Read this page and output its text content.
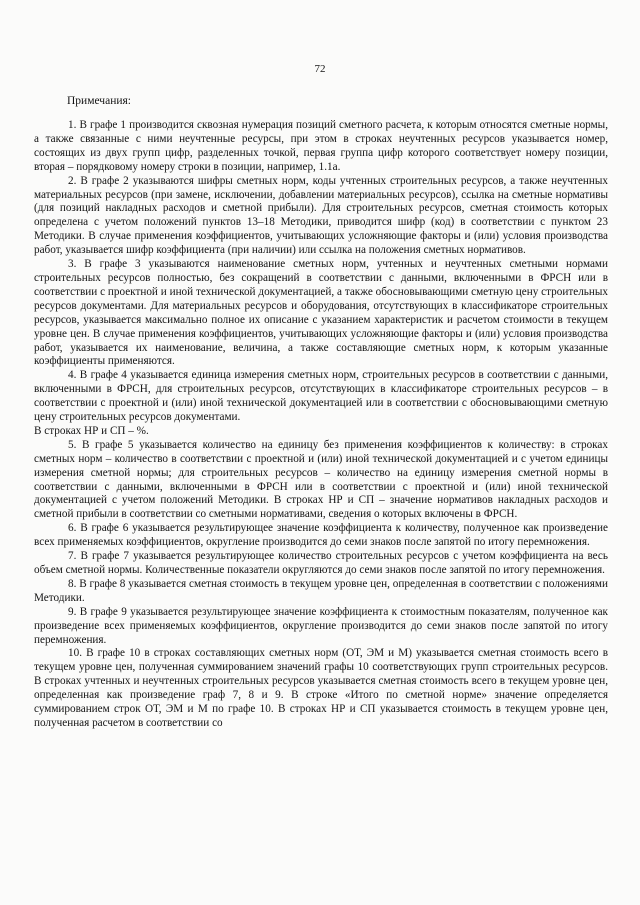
72
Примечания:

1. В графе 1 производится сквозная нумерация позиций сметного расчета, к которым относятся сметные нормы, а также связанные с ними неучтенные ресурсы, при этом в строках неучтенных ресурсов указывается номер, состоящих из двух групп цифр, разделенных точкой, первая группа цифр которого соответствует номеру позиции, вторая – порядковому номеру строки в позиции, например, 1.1а.

2. В графе 2 указываются шифры сметных норм, коды учтенных строительных ресурсов, а также неучтенных материальных ресурсов (при замене, исключении, добавлении материальных ресурсов), ссылка на сметные нормативы (для позиций накладных расходов и сметной прибыли). Для строительных ресурсов, сметная стоимость которых определена с учетом положений пунктов 13–18 Методики, приводится шифр (код) в соответствии с пунктом 23 Методики. В случае применения коэффициентов, учитывающих усложняющие факторы и (или) условия производства работ, указывается шифр коэффициента (при наличии) или ссылка на положения сметных нормативов.

3. В графе 3 указываются наименование сметных норм, учтенных и неучтенных сметными нормами строительных ресурсов полностью, без сокращений в соответствии с данными, включенными в ФРСН или в соответствии с проектной и иной технической документацией, а также обосновывающими сметную цену строительных ресурсов документами. Для материальных ресурсов и оборудования, отсутствующих в классификаторе строительных ресурсов, указывается максимально полное их описание с указанием характеристик и расчетом стоимости в текущем уровне цен. В случае применения коэффициентов, учитывающих усложняющие факторы и (или) условия производства работ, указывается их наименование, величина, а также составляющие сметных норм, к которым указанные коэффициенты применяются.

4. В графе 4 указывается единица измерения сметных норм, строительных ресурсов в соответствии с данными, включенными в ФРСН, для строительных ресурсов, отсутствующих в классификаторе строительных ресурсов – в соответствии с проектной и (или) иной технической документацией или в соответствии с обосновывающими сметную цену строительных ресурсов документами.

В строках НР и СП – %.

5. В графе 5 указывается количество на единицу без применения коэффициентов к количеству: в строках сметных норм – количество в соответствии с проектной и (или) иной технической документацией и с учетом единицы измерения сметной нормы; для строительных ресурсов – количество на единицу измерения сметной нормы в соответствии с данными, включенными в ФРСН или в соответствии с проектной и (или) иной технической документацией с учетом положений Методики. В строках НР и СП – значение нормативов накладных расходов и сметной прибыли в соответствии со сметными нормативами, сведения о которых включены в ФРСН.

6. В графе 6 указывается результирующее значение коэффициента к количеству, полученное как произведение всех применяемых коэффициентов, округление производится до семи знаков после запятой по итогу перемножения.

7. В графе 7 указывается результирующее количество строительных ресурсов с учетом коэффициента на весь объем сметной нормы. Количественные показатели округляются до семи знаков после запятой по итогу перемножения.

8. В графе 8 указывается сметная стоимость в текущем уровне цен, определенная в соответствии с положениями Методики.

9. В графе 9 указывается результирующее значение коэффициента к стоимостным показателям, полученное как произведение всех применяемых коэффициентов, округление производится до семи знаков после запятой по итогу перемножения.

10. В графе 10 в строках составляющих сметных норм (ОТ, ЭМ и М) указывается сметная стоимость всего в текущем уровне цен, полученная суммированием значений графы 10 соответствующих групп строительных ресурсов. В строках учтенных и неучтенных строительных ресурсов указывается сметная стоимость всего в текущем уровне цен, определенная как произведение граф 7, 8 и 9. В строке «Итого по сметной норме» значение определяется суммированием строк ОТ, ЭМ и М по графе 10. В строках НР и СП указывается стоимость в текущем уровне цен, полученная расчетом в соответствии со
